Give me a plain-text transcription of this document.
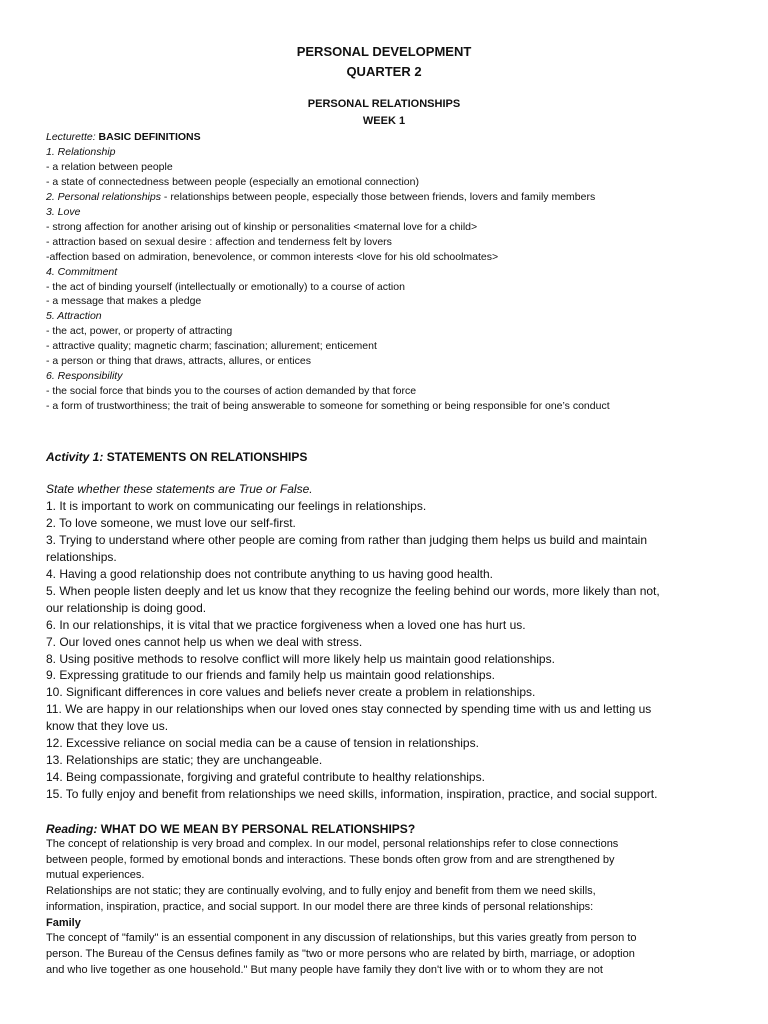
PERSONAL DEVELOPMENT
QUARTER 2
PERSONAL RELATIONSHIPS
WEEK 1
Lecturette: BASIC DEFINITIONS
1. Relationship
- a relation between people
- a state of connectedness between people (especially an emotional connection)
2. Personal relationships - relationships between people, especially those between friends, lovers and family members
3. Love
- strong affection for another arising out of kinship or personalities <maternal love for a child>
- attraction based on sexual desire : affection and tenderness felt by lovers
-affection based on admiration, benevolence, or common interests <love for his old schoolmates>
4. Commitment
- the act of binding yourself (intellectually or emotionally) to a course of action
- a message that makes a pledge
5. Attraction
- the act, power, or property of attracting
- attractive quality; magnetic charm; fascination; allurement; enticement
- a person or thing that draws, attracts, allures, or entices
6. Responsibility
- the social force that binds you to the courses of action demanded by that force
- a form of trustworthiness; the trait of being answerable to someone for something or being responsible for one’s conduct
Activity 1: STATEMENTS ON RELATIONSHIPS
State whether these statements are True or False.
1. It is important to work on communicating our feelings in relationships.
2. To love someone, we must love our self-first.
3. Trying to understand where other people are coming from rather than judging them helps us build and maintain
relationships.
4. Having a good relationship does not contribute anything to us having good health.
5. When people listen deeply and let us know that they recognize the feeling behind our words, more likely than not,
our relationship is doing good.
6. In our relationships, it is vital that we practice forgiveness when a loved one has hurt us.
7. Our loved ones cannot help us when we deal with stress.
8. Using positive methods to resolve conflict will more likely help us maintain good relationships.
9. Expressing gratitude to our friends and family help us maintain good relationships.
10. Significant differences in core values and beliefs never create a problem in relationships.
11. We are happy in our relationships when our loved ones stay connected by spending time with us and letting us
know that they love us.
12. Excessive reliance on social media can be a cause of tension in relationships.
13. Relationships are static; they are unchangeable.
14. Being compassionate, forgiving and grateful contribute to healthy relationships.
15. To fully enjoy and benefit from relationships we need skills, information, inspiration, practice, and social support.
Reading: WHAT DO WE MEAN BY PERSONAL RELATIONSHIPS?
The concept of relationship is very broad and complex. In our model, personal relationships refer to close connections
between people, formed by emotional bonds and interactions. These bonds often grow from and are strengthened by
mutual experiences.
Relationships are not static; they are continually evolving, and to fully enjoy and benefit from them we need skills,
information, inspiration, practice, and social support. In our model there are three kinds of personal relationships:
Family
The concept of "family" is an essential component in any discussion of relationships, but this varies greatly from person to
person. The Bureau of the Census defines family as "two or more persons who are related by birth, marriage, or adoption
and who live together as one household." But many people have family they don't live with or to whom they are not
